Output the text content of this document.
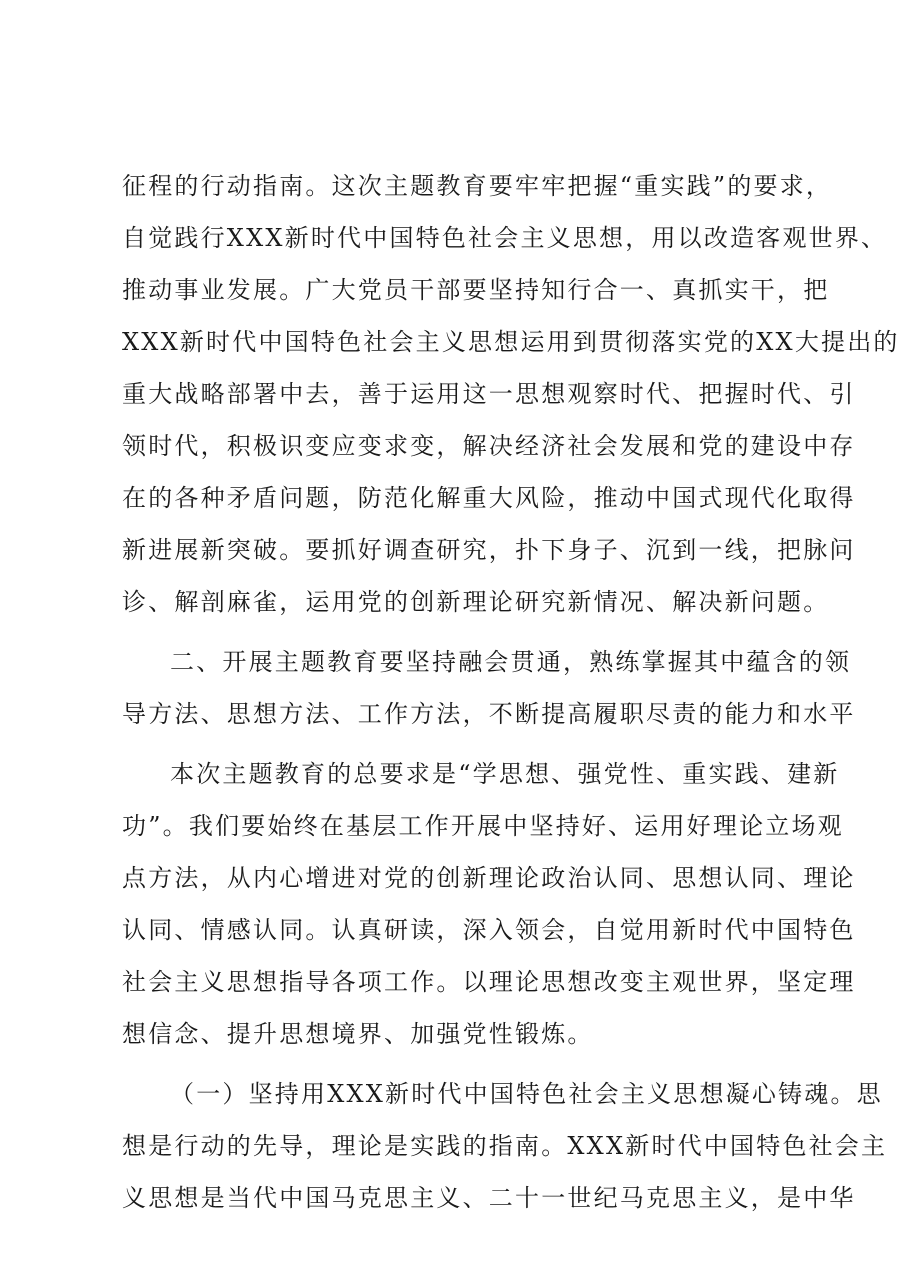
征程的行动指南。这次主题教育要牢牢把握“重实践”的要求，
自觉践行XXX新时代中国特色社会主义思想，用以改造客观世界、
推动事业发展。广大党员干部要坚持知行合一、真抓实干，把
XXX新时代中国特色社会主义思想运用到贯彻落实党的XX大提出的
重大战略部署中去，善于运用这一思想观察时代、把握时代、引
领时代，积极识变应变求变，解决经济社会发展和党的建设中存
在的各种矛盾问题，防范化解重大风险，推动中国式现代化取得
新进展新突破。要抓好调查研究，扑下身子、沉到一线，把脉问
诊、解剖麻雀，运用党的创新理论研究新情况、解决新问题。
二、开展主题教育要坚持融会贯通，熟练掌握其中蕴含的领
导方法、思想方法、工作方法，不断提高履职尽责的能力和水平
本次主题教育的总要求是“学思想、强党性、重实践、建新
功”。我们要始终在基层工作开展中坚持好、运用好理论立场观
点方法，从内心增进对党的创新理论政治认同、思想认同、理论
认同、情感认同。认真研读，深入领会，自觉用新时代中国特色
社会主义思想指导各项工作。以理论思想改变主观世界，坚定理
想信念、提升思想境界、加强党性锻炼。
（一）坚持用XXX新时代中国特色社会主义思想凝心铸魂。思
想是行动的先导，理论是实践的指南。XXX新时代中国特色社会主
义思想是当代中国马克思主义、二十一世纪马克思主义，是中华
